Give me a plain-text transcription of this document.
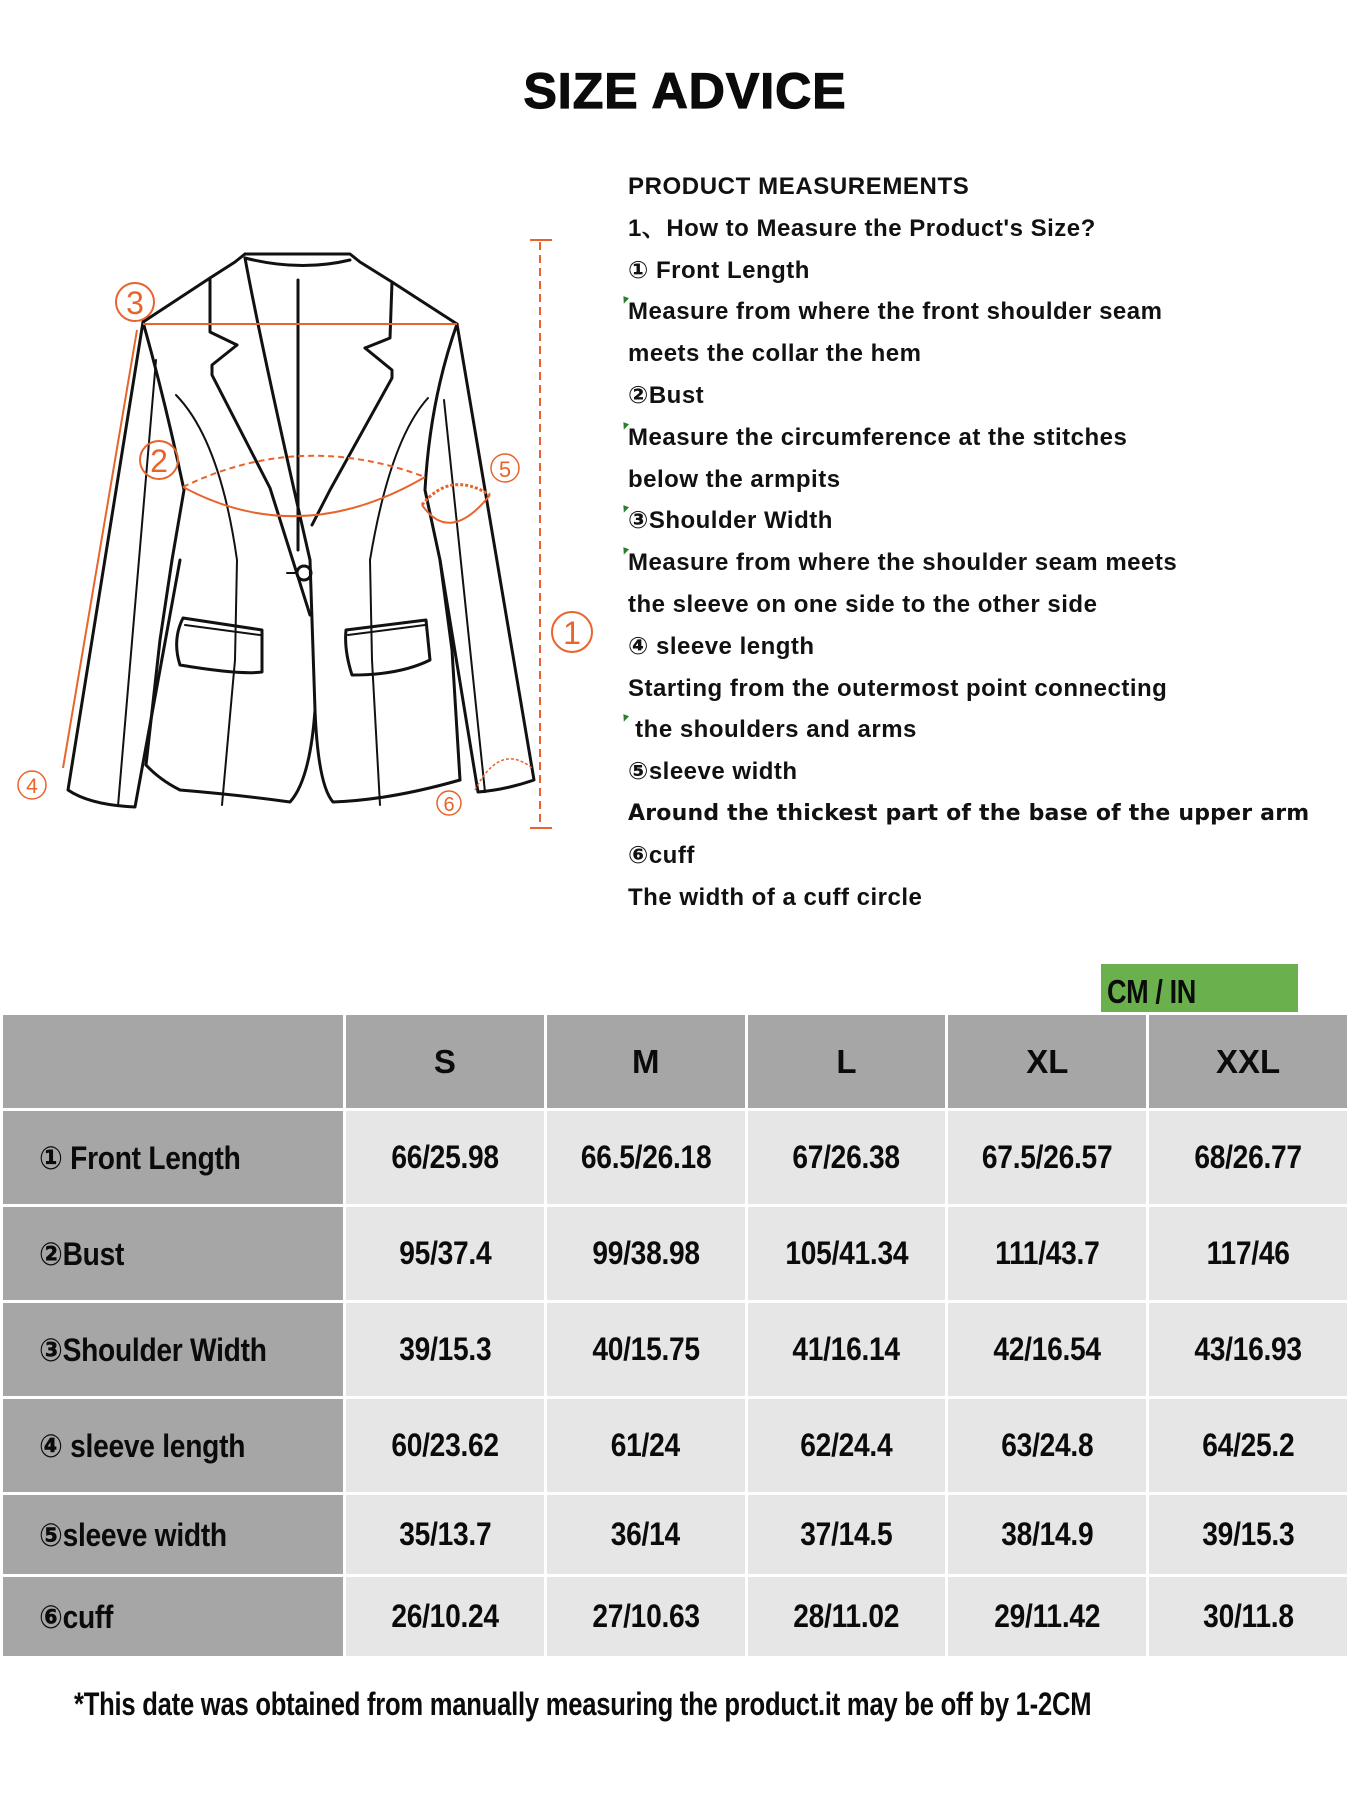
SIZE ADVICE
3
2	5
1
4
6
PRODUCT MEASUREMENTS
1、How to Measure the Product's Size?
① Front Length
Measure from where the front shoulder seam
meets the collar the hem
②Bust
Measure the circumference at the stitches
below the armpits
③Shoulder Width
Measure from where the shoulder seam meets
the sleeve on one side to the other side
④ sleeve length
Starting from the outermost point connecting
the shoulders and arms
⑤sleeve width
Around the thickest part of the base of the upper arm
⑥cuff
The width of a cuff circle
CM / IN
	S	M	L	XL	XXL
① Front Length	66/25.98	66.5/26.18	67/26.38	67.5/26.57	68/26.77
②Bust	95/37.4	99/38.98	105/41.34	111/43.7	117/46
③Shoulder Width	39/15.3	40/15.75	41/16.14	42/16.54	43/16.93
④ sleeve length	60/23.62	61/24	62/24.4	63/24.8	64/25.2
⑤sleeve width	35/13.7	36/14	37/14.5	38/14.9	39/15.3
⑥cuff	26/10.24	27/10.63	28/11.02	29/11.42	30/11.8
*This date was obtained from manually measuring the product.it may be off by 1-2CM
